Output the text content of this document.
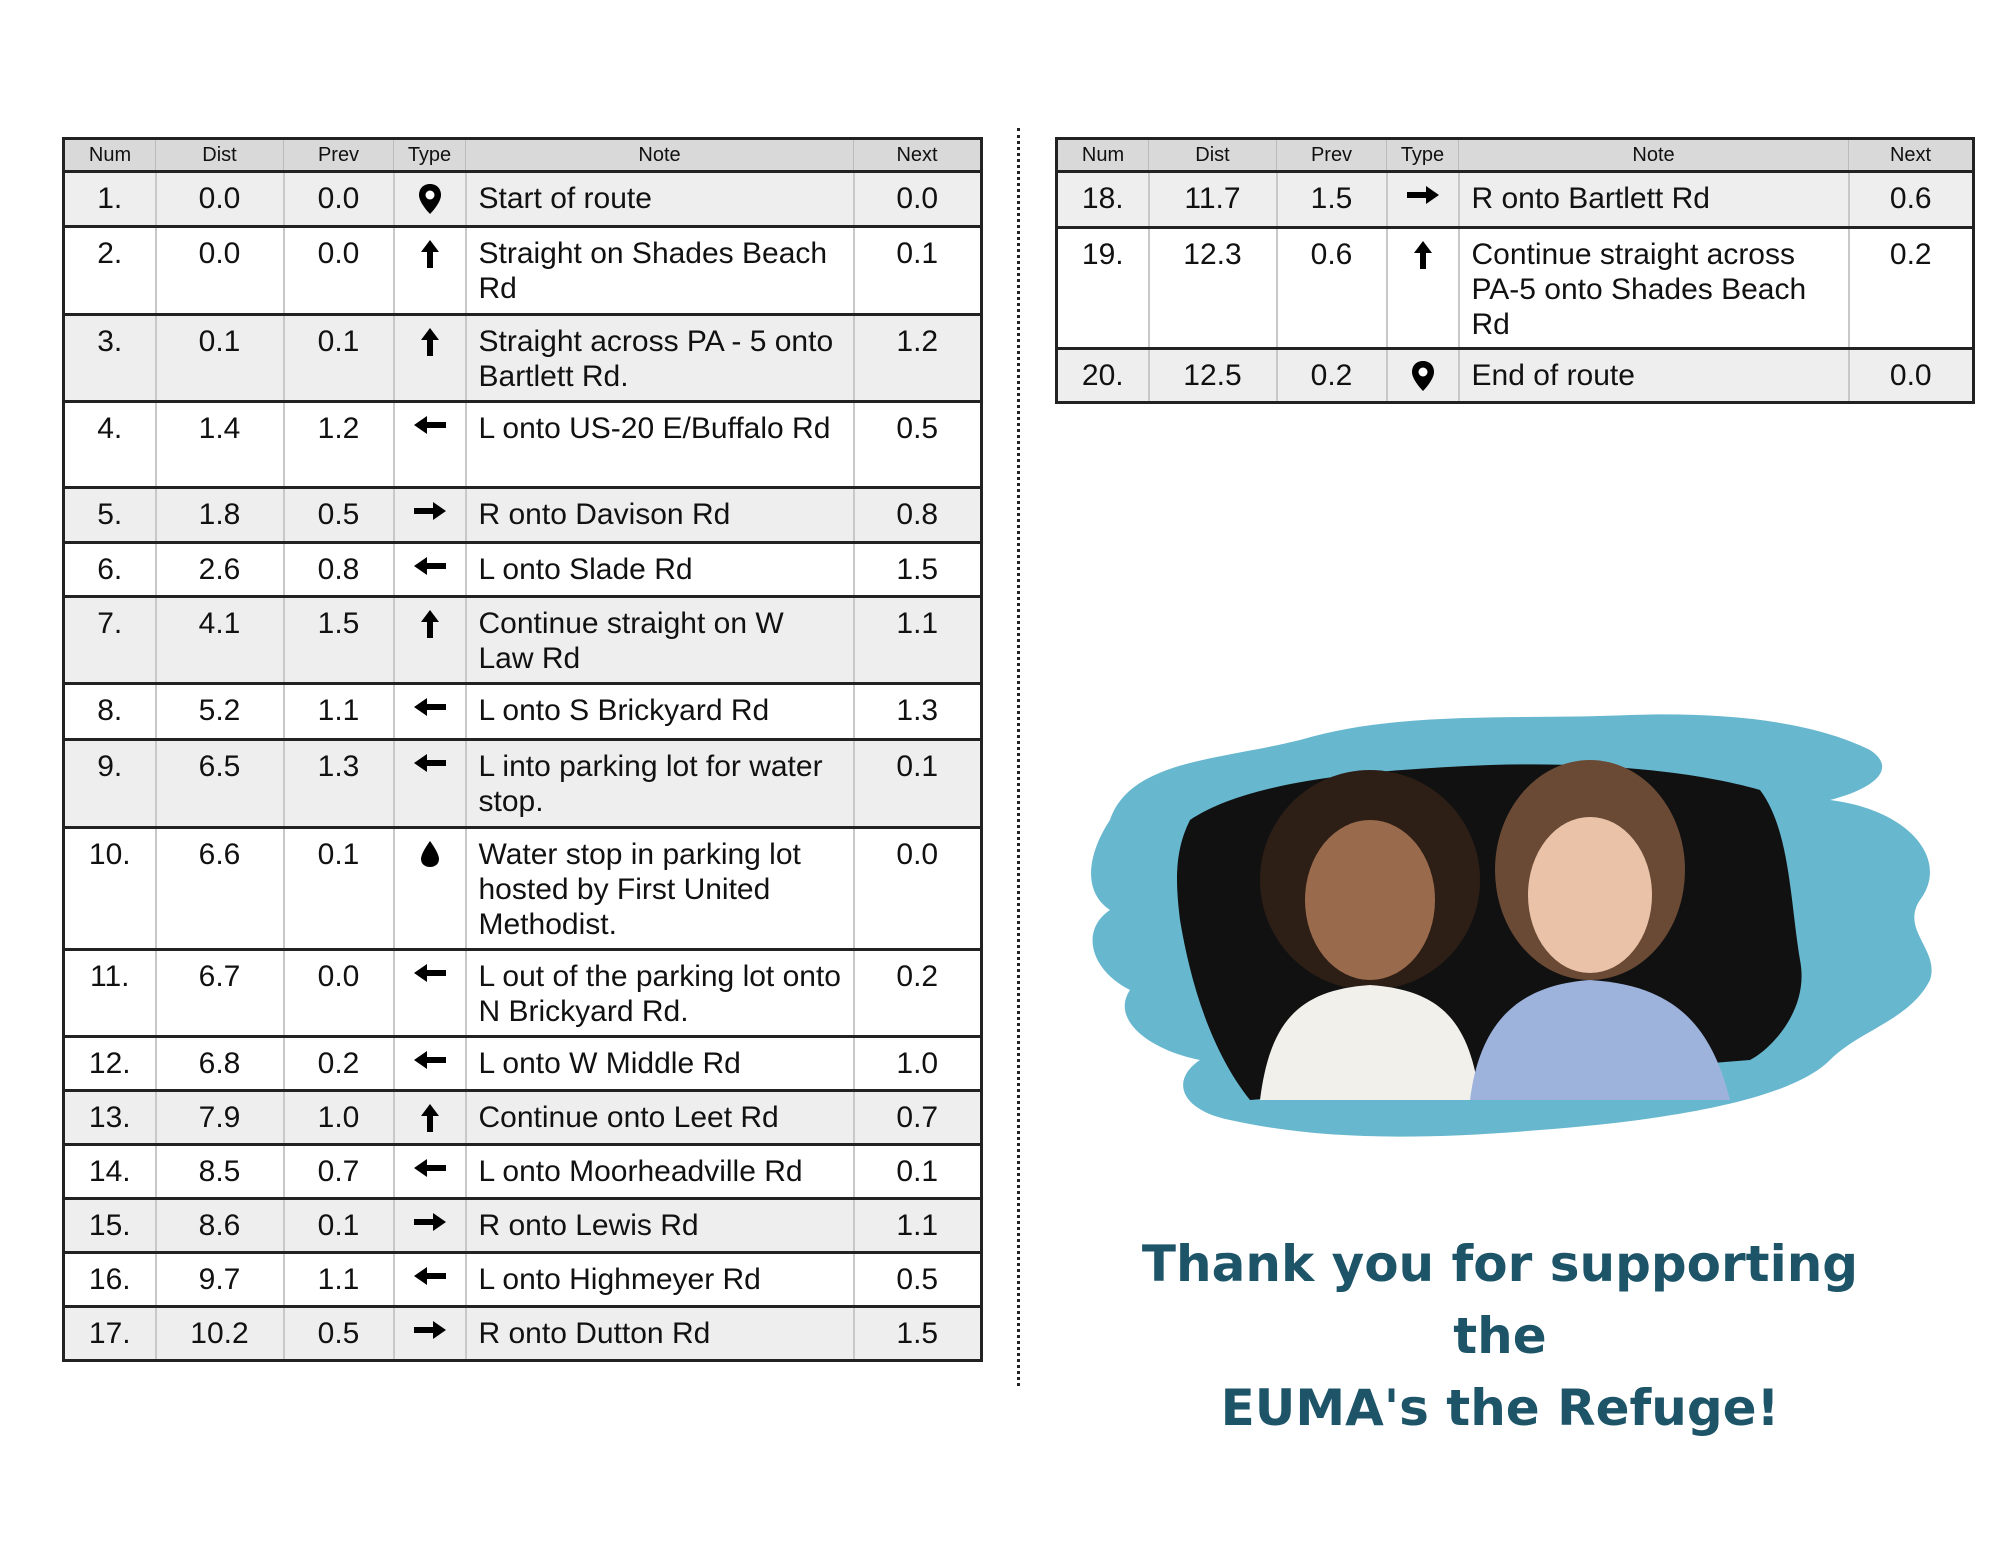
Num	Dist	Prev	Type	Note	Next
1.	0.0	0.0		Start of route	0.0
2.	0.0	0.0		Straight on Shades Beach Rd	0.1
3.	0.1	0.1		Straight across PA - 5 onto Bartlett Rd.	1.2
4.	1.4	1.2		L onto US-20 E/Buffalo Rd	0.5
5.	1.8	0.5		R onto Davison Rd	0.8
6.	2.6	0.8		L onto Slade Rd	1.5
7.	4.1	1.5		Continue straight on W Law Rd	1.1
8.	5.2	1.1		L onto S Brickyard Rd	1.3
9.	6.5	1.3		L into parking lot for water stop.	0.1
10.	6.6	0.1		Water stop in parking lot hosted by First United Methodist.	0.0
11.	6.7	0.0		L out of the parking lot onto N Brickyard Rd.	0.2
12.	6.8	0.2		L onto W Middle Rd	1.0
13.	7.9	1.0		Continue onto Leet Rd	0.7
14.	8.5	0.7		L onto Moorheadville Rd	0.1
15.	8.6	0.1		R onto Lewis Rd	1.1
16.	9.7	1.1		L onto Highmeyer Rd	0.5
17.	10.2	0.5		R onto Dutton Rd	1.5
Num	Dist	Prev	Type	Note	Next
18.	11.7	1.5		R onto Bartlett Rd	0.6
19.	12.3	0.6		Continue straight across PA-5 onto Shades Beach Rd	0.2
20.	12.5	0.2		End of route	0.0
Thank you for supporting the
EUMA's the Refuge!
